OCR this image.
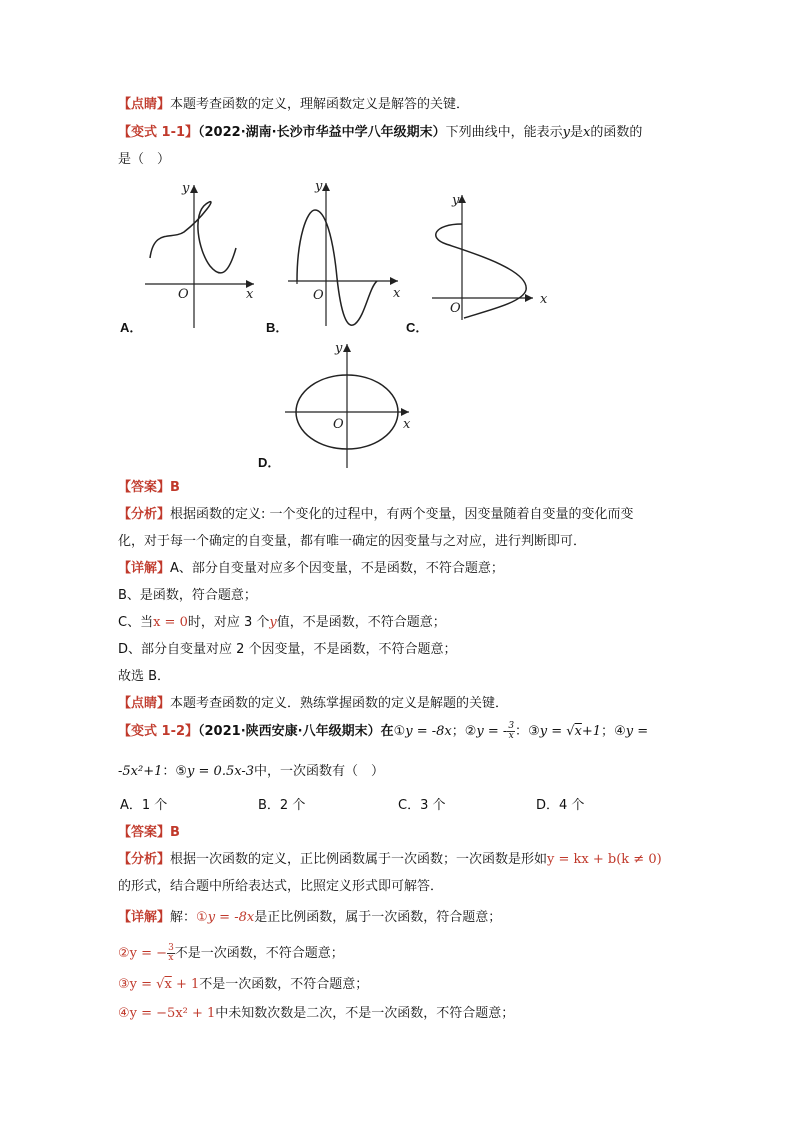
【点睛】本题考查函数的定义，理解函数定义是解答的关键．
【变式 1-1】（2022·湖南·长沙市华益中学八年级期末）下列曲线中，能表示y是x的函数的
是（　）
O	x
y
A．
O	x
y
B．
O
x
y
C．
O	x
y
D．
【答案】B
【分析】根据函数的定义: 一个变化的过程中，有两个变量，因变量随着自变量的变化而变
化，对于每一个确定的自变量，都有唯一确定的因变量与之对应，进行判断即可．
【详解】A、部分自变量对应多个因变量，不是函数，不符合题意；
B、是函数，符合题意；
C、当x = 0时，对应 3 个y值，不是函数，不符合题意；
D、部分自变量对应 2 个因变量，不是函数，不符合题意；
故选 B．
【点睛】本题考查函数的定义．熟练掌握函数的定义是解题的关键．
【变式 1-2】（2021·陕西安康·八年级期末）在①y = -8x；②y = - $\frac{3}{x}$ ：③y = √x+1；④y =
-5x²+1：⑤y = 0.5x-3中，一次函数有（　）
A．1 个	B．2 个	C．3 个	D．4 个
【答案】B
【分析】根据一次函数的定义，正比例函数属于一次函数；一次函数是形如y = kx + b(k ≠ 0)
的形式，结合题中所给表达式，比照定义形式即可解答．
【详解】解：①y = -8x是正比例函数，属于一次函数，符合题意；
②y = − $\frac{3}{x}$ 不是一次函数，不符合题意；
③y = √x + 1不是一次函数，不符合题意；
④y = −5x² + 1中未知数次数是二次，不是一次函数，不符合题意；
